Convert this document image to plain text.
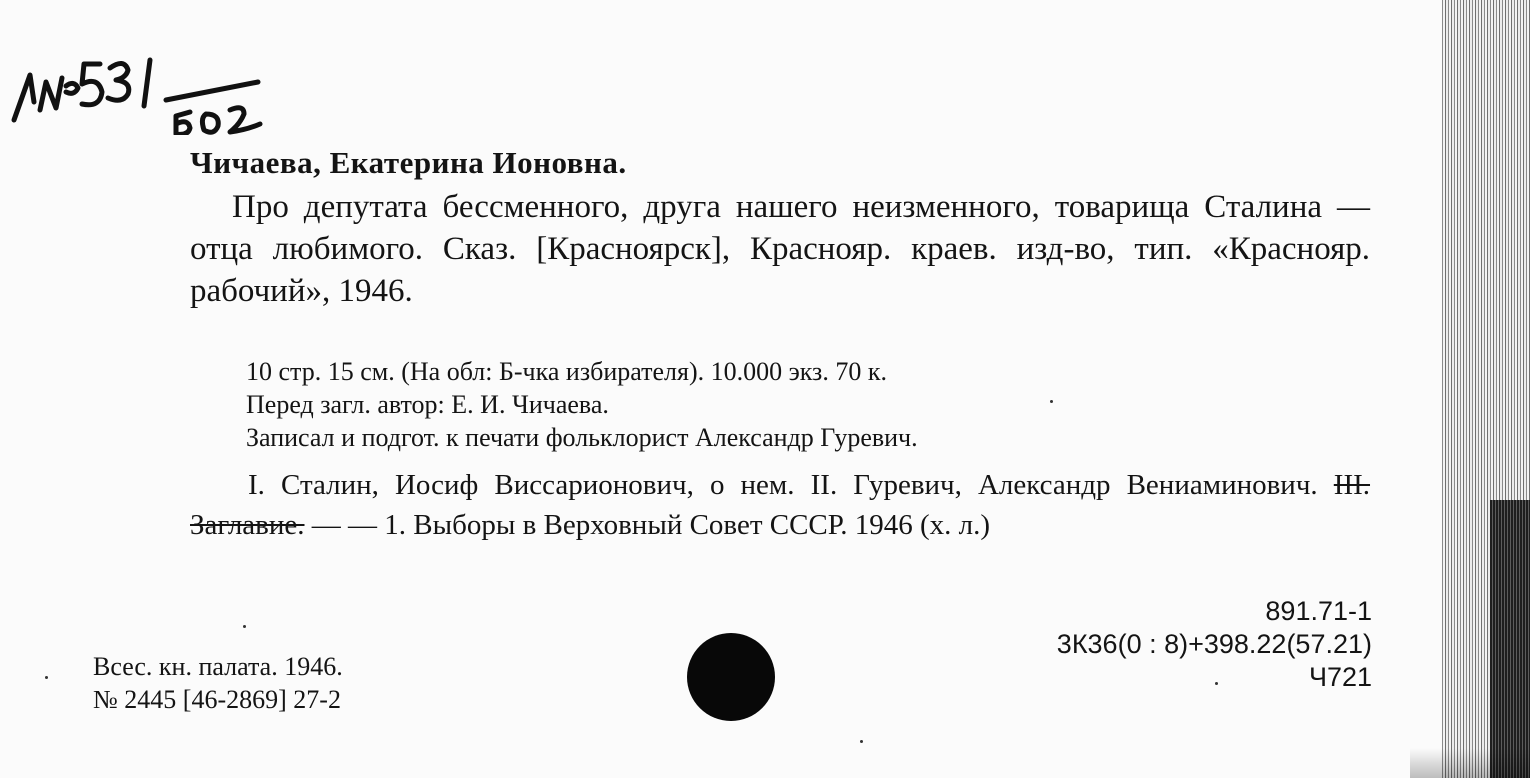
Чичаева, Екатерина Ионовна.

Про депутата бессменного, друга нашего неизменного, товарища Сталина — отца любимого. Сказ. [Красноярск], Краснояр. краев. изд-во, тип. «Краснояр. рабочий», 1946.

10 стр. 15 см. (На обл: Б-чка избирателя). 10.000 экз. 70 к.
Перед загл. автор: Е. И. Чичаева.
Записал и подгот. к печати фольклорист Александр Гуревич.

I. Сталин, Иосиф Виссарионович, о нем. II. Гуревич, Александр Вениаминович. III. Заглавие. — — 1. Выборы в Верховный Совет СССР. 1946 (х. л.)

Всес. кн. палата. 1946.
№ 2445 [46-2869] 27-2
891.71-1
3К36(0 : 8)+398.22(57.21)
Ч721
